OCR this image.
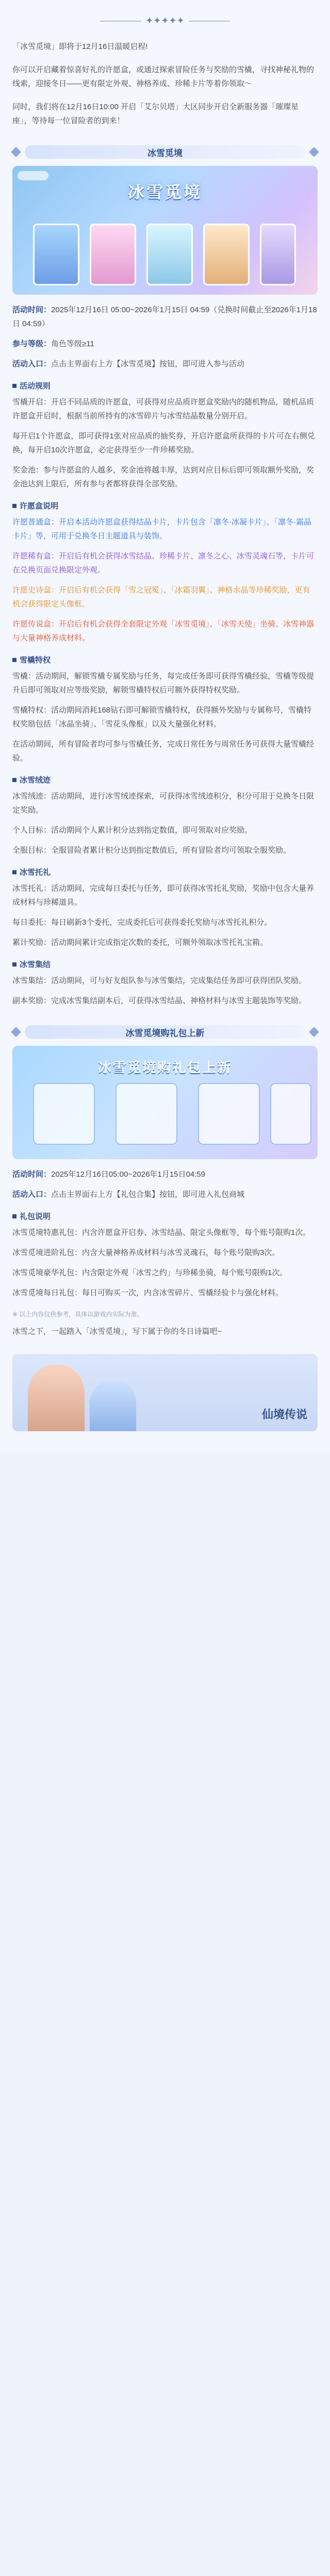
✦✦✦✦✦

「冰雪觅境」即将于12月16日温暖启程!

你可以开启藏着惊喜好礼的许愿盒，或通过探索冒险任务与奖励的雪橇，寻找神秘礼物的线索，迎接冬日——更有限定外观、神格养成、珍稀卡片等着你领取～

同时，我们将在12月16日10:00 开启「艾尔贝塔」大区同步开启全新服务器「璀璨星座」，等待每一位冒险者的到来！

冰雪觅境
冰雪觅境

活动时间：2025年12月16日 05:00~2026年1月15日 04:59（兑换时间截止至2026年1月18日 04:59）

参与等级：角色等级≥11

活动入口：点击主界面右上方【冰雪觅境】按钮，即可进入参与活动

活动规则

雪橇开启：开启不同品质的许愿盒，可获得对应品质许愿盒奖励内的随机物品，随机品质许愿盒开启时，根据当前所持有的冰雪碎片与冰雪结晶数量分别开启。

每开启1个许愿盒，即可获得1张对应品质的抽奖券，开启许愿盒所获得的卡片可在右侧兑换，每开启10次许愿盒，必定获得至少一件珍稀奖励。

奖金池：参与许愿盒的人越多，奖金池将越丰厚，达到对应目标后即可领取额外奖励，奖金池达到上限后，所有参与者都将获得全部奖励。

许愿盒说明

许愿普通盒：开启本活动许愿盒获得结晶卡片，卡片包含「凛冬·冰凝卡片」、「凛冬·霜晶卡片」等，可用于兑换冬日主题道具与装饰。

许愿稀有盒：开启后有机会获得冰雪结晶、珍稀卡片、凛冬之心、冰雪灵魂石等，卡片可在兑换页面兑换限定外观。

许愿史诗盒：开启后有机会获得「雪之冠冕」、「冰霜羽翼」、神格水晶等珍稀奖励，更有机会获得限定头像框。

许愿传说盒：开启后有机会获得全套限定外观「冰雪觅境」、「冰雪天使」坐骑、冰雪神器与大量神格养成材料。

雪橇特权

雪橇：活动期间，解锁雪橇专属奖励与任务，每完成任务即可获得雪橇经验，雪橇等级提升后即可领取对应等级奖励，解锁雪橇特权后可额外获得特权奖励。

雪橇特权：活动期间消耗168钻石即可解锁雪橇特权，获得额外奖励与专属称号，雪橇特权奖励包括「冰晶坐骑」、「雪花头像框」以及大量强化材料。

在活动期间，所有冒险者均可参与雪橇任务，完成日常任务与周常任务可获得大量雪橇经验。

冰雪绒迹

冰雪绒迹：活动期间，进行冰雪绒迹探索，可获得冰雪绒迹积分，积分可用于兑换冬日限定奖励。

个人目标：活动期间个人累计积分达到指定数值，即可领取对应奖励。

全服目标：全服冒险者累计积分达到指定数值后，所有冒险者均可领取全服奖励。

冰雪托礼

冰雪托礼：活动期间，完成每日委托与任务，即可获得冰雪托礼奖励，奖励中包含大量养成材料与珍稀道具。

每日委托：每日刷新3个委托，完成委托后可获得委托奖励与冰雪托礼积分。

累计奖励：活动期间累计完成指定次数的委托，可额外领取冰雪托礼宝箱。

冰雪集结

冰雪集结：活动期间，可与好友组队参与冰雪集结，完成集结任务即可获得团队奖励。

副本奖励：完成冰雪集结副本后，可获得冰雪结晶、神格材料与冰雪主题装饰等奖励。

冰雪觅境购礼包上新
冰雪觅境购礼包上新

活动时间：2025年12月16日05:00~2026年1月15日04:59

活动入口：点击主界面右上方【礼包合集】按钮，即可进入礼包商城

礼包说明

冰雪觅境特惠礼包：内含许愿盒开启券、冰雪结晶、限定头像框等，每个账号限购1次。

冰雪觅境进阶礼包：内含大量神格养成材料与冰雪灵魂石，每个账号限购3次。

冰雪觅境豪华礼包：内含限定外观「冰雪之约」与珍稀坐骑，每个账号限购1次。

冰雪觅境每日礼包：每日可购买一次，内含冰雪碎片、雪橇经验卡与强化材料。

※ 以上内容仅供参考，具体以游戏内实际为准。

冰雪之下，一起踏入「冰雪觅境」，写下属于你的冬日诗篇吧~

仙境传说
